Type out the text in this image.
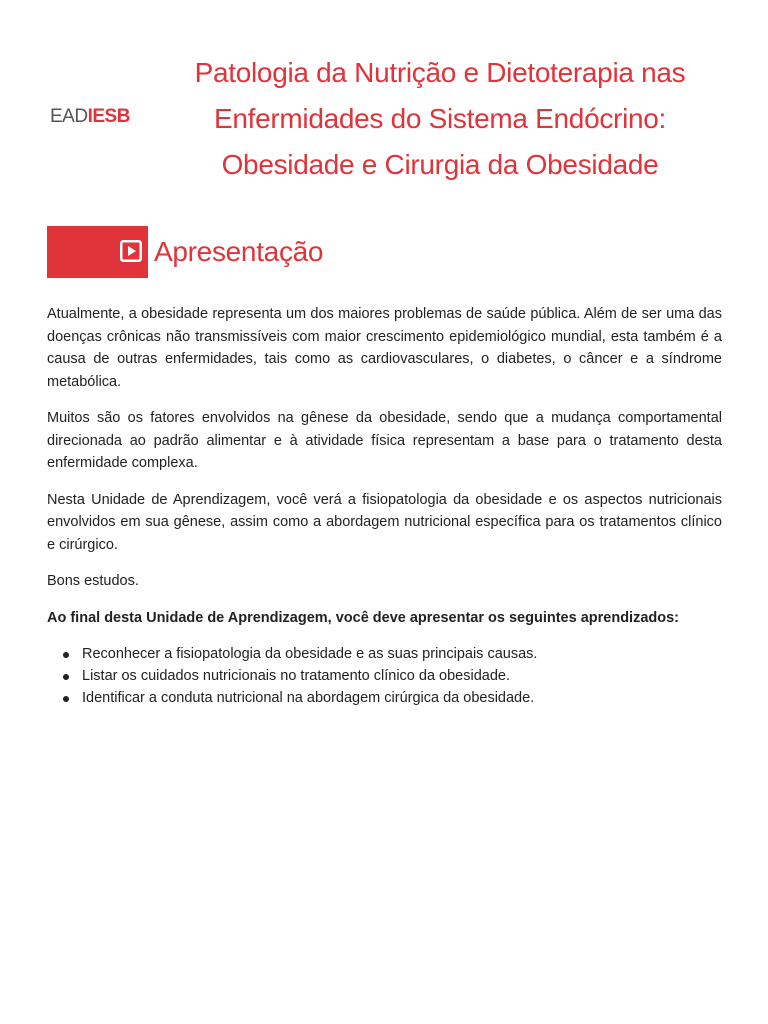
EADIESB
Patologia da Nutrição e Dietoterapia nas
Enfermidades do Sistema Endócrino:
Obesidade e Cirurgia da Obesidade
Apresentação

Atualmente, a obesidade representa um dos maiores problemas de saúde pública. Além de ser uma das doenças crônicas não transmissíveis com maior crescimento epidemiológico mundial, esta também é a causa de outras enfermidades, tais como as cardiovasculares, o diabetes, o câncer e a síndrome metabólica.

Muitos são os fatores envolvidos na gênese da obesidade, sendo que a mudança comportamental direcionada ao padrão alimentar e à atividade física representam a base para o tratamento desta enfermidade complexa.

Nesta Unidade de Aprendizagem, você verá a fisiopatologia da obesidade e os aspectos nutricionais envolvidos em sua gênese, assim como a abordagem nutricional específica para os tratamentos clínico e cirúrgico.

Bons estudos.

Ao final desta Unidade de Aprendizagem, você deve apresentar os seguintes aprendizados:

Reconhecer a fisiopatologia da obesidade e as suas principais causas.
Listar os cuidados nutricionais no tratamento clínico da obesidade.
Identificar a conduta nutricional na abordagem cirúrgica da obesidade.
